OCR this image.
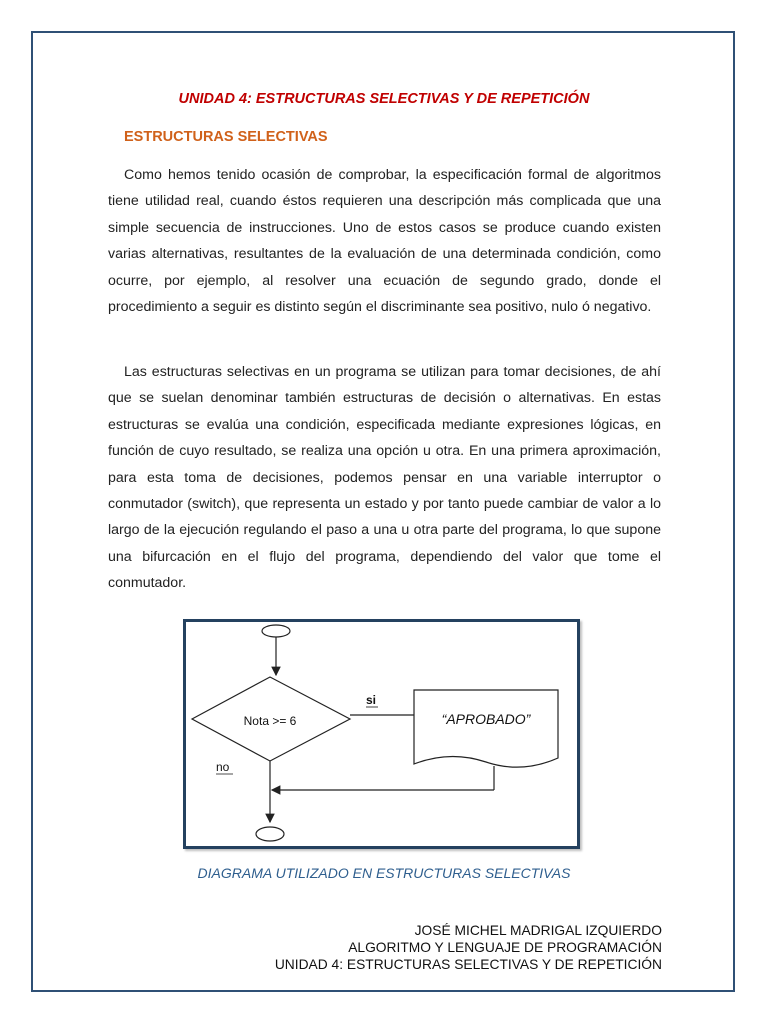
UNIDAD 4: ESTRUCTURAS SELECTIVAS Y DE REPETICIÓN
ESTRUCTURAS SELECTIVAS

Como hemos tenido ocasión de comprobar, la especificación formal de algoritmos tiene utilidad real, cuando éstos requieren una descripción más complicada que una simple secuencia de instrucciones. Uno de estos casos se produce cuando existen varias alternativas, resultantes de la evaluación de una determinada condición, como ocurre, por ejemplo, al resolver una ecuación de segundo grado, donde el procedimiento a seguir es distinto según el discriminante sea positivo, nulo ó negativo.

Las estructuras selectivas en un programa se utilizan para tomar decisiones, de ahí que se suelan denominar también estructuras de decisión o alternativas. En estas estructuras se evalúa una condición, especificada mediante expresiones lógicas, en función de cuyo resultado, se realiza una opción u otra. En una primera aproximación, para esta toma de decisiones, podemos pensar en una variable interruptor o conmutador (switch), que representa un estado y por tanto puede cambiar de valor a lo largo de la ejecución regulando el paso a una u otra parte del programa, lo que supone una bifurcación en el flujo del programa, dependiendo del valor que tome el conmutador.

Nota >= 6
si
“APROBADO”
no
DIAGRAMA UTILIZADO EN ESTRUCTURAS SELECTIVAS
JOSÉ MICHEL MADRIGAL IZQUIERDO
ALGORITMO Y LENGUAJE DE PROGRAMACIÓN
UNIDAD 4: ESTRUCTURAS SELECTIVAS Y DE REPETICIÓN
